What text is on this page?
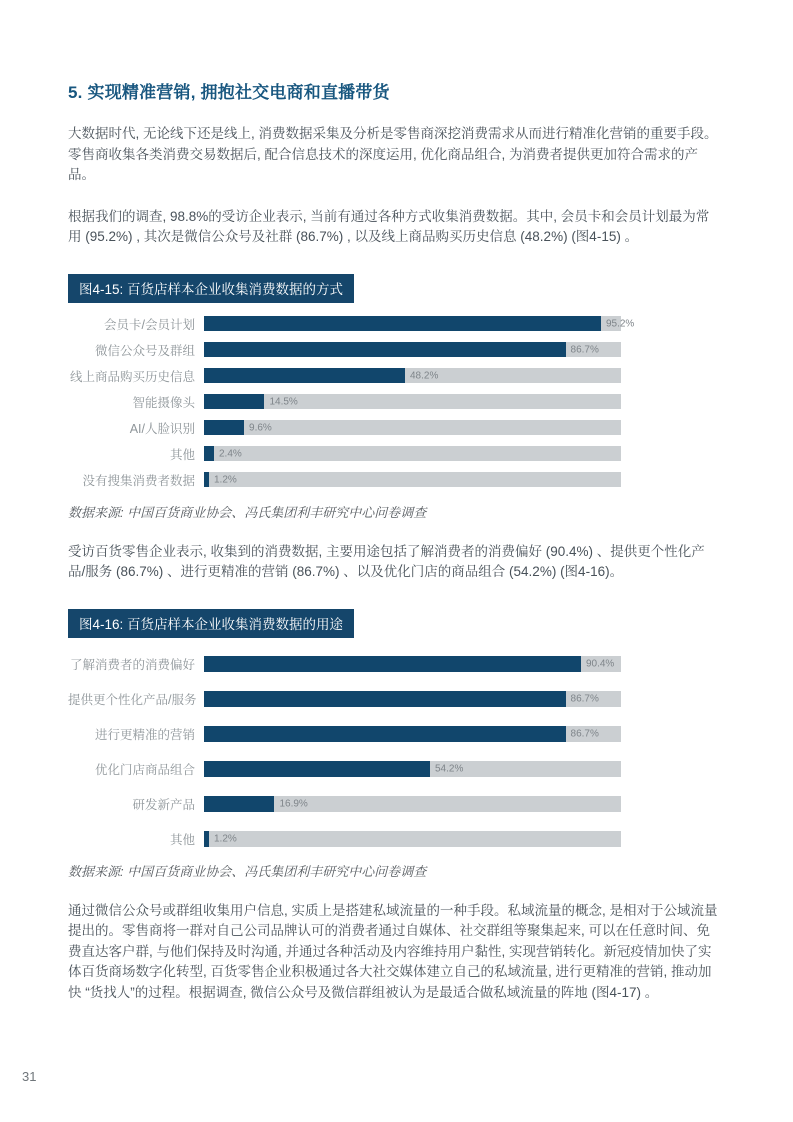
5. 实现精准营销, 拥抱社交电商和直播带货

大数据时代, 无论线下还是线上, 消费数据采集及分析是零售商深挖消费需求从而进行精准化营销的重要手段。零售商收集各类消费交易数据后, 配合信息技术的深度运用, 优化商品组合, 为消费者提供更加符合需求的产品。

根据我们的调查, 98.8%的受访企业表示, 当前有通过各种方式收集消费数据。其中, 会员卡和会员计划最为常用 (95.2%) , 其次是微信公众号及社群 (86.7%) , 以及线上商品购买历史信息 (48.2%) (图4-15) 。

图4-15: 百货店样本企业收集消费数据的方式
会员卡/会员计划	95.2%
微信公众号及群组	86.7%
线上商品购买历史信息	48.2%
智能摄像头	14.5%
AI/人脸识别	9.6%
其他	2.4%
没有搜集消费者数据	1.2%

数据来源: 中国百货商业协会、冯氏集团利丰研究中心问卷调查

受访百货零售企业表示, 收集到的消费数据, 主要用途包括了解消费者的消费偏好 (90.4%) 、提供更个性化产品/服务 (86.7%) 、进行更精准的营销 (86.7%) 、以及优化门店的商品组合 (54.2%) (图4-16)。

图4-16: 百货店样本企业收集消费数据的用途
了解消费者的消费偏好	90.4%
提供更个性化产品/服务	86.7%
进行更精准的营销	86.7%
优化门店商品组合	54.2%
研发新产品	16.9%
其他	1.2%

数据来源: 中国百货商业协会、冯氏集团利丰研究中心问卷调查

通过微信公众号或群组收集用户信息, 实质上是搭建私域流量的一种手段。私域流量的概念, 是相对于公域流量提出的。零售商将一群对自己公司品牌认可的消费者通过自媒体、社交群组等聚集起来, 可以在任意时间、免费直达客户群, 与他们保持及时沟通, 并通过各种活动及内容维持用户黏性, 实现营销转化。新冠疫情加快了实体百货商场数字化转型, 百货零售企业积极通过各大社交媒体建立自己的私域流量, 进行更精准的营销, 推动加快 “货找人”的过程。根据调查, 微信公众号及微信群组被认为是最适合做私域流量的阵地 (图4-17) 。

31
